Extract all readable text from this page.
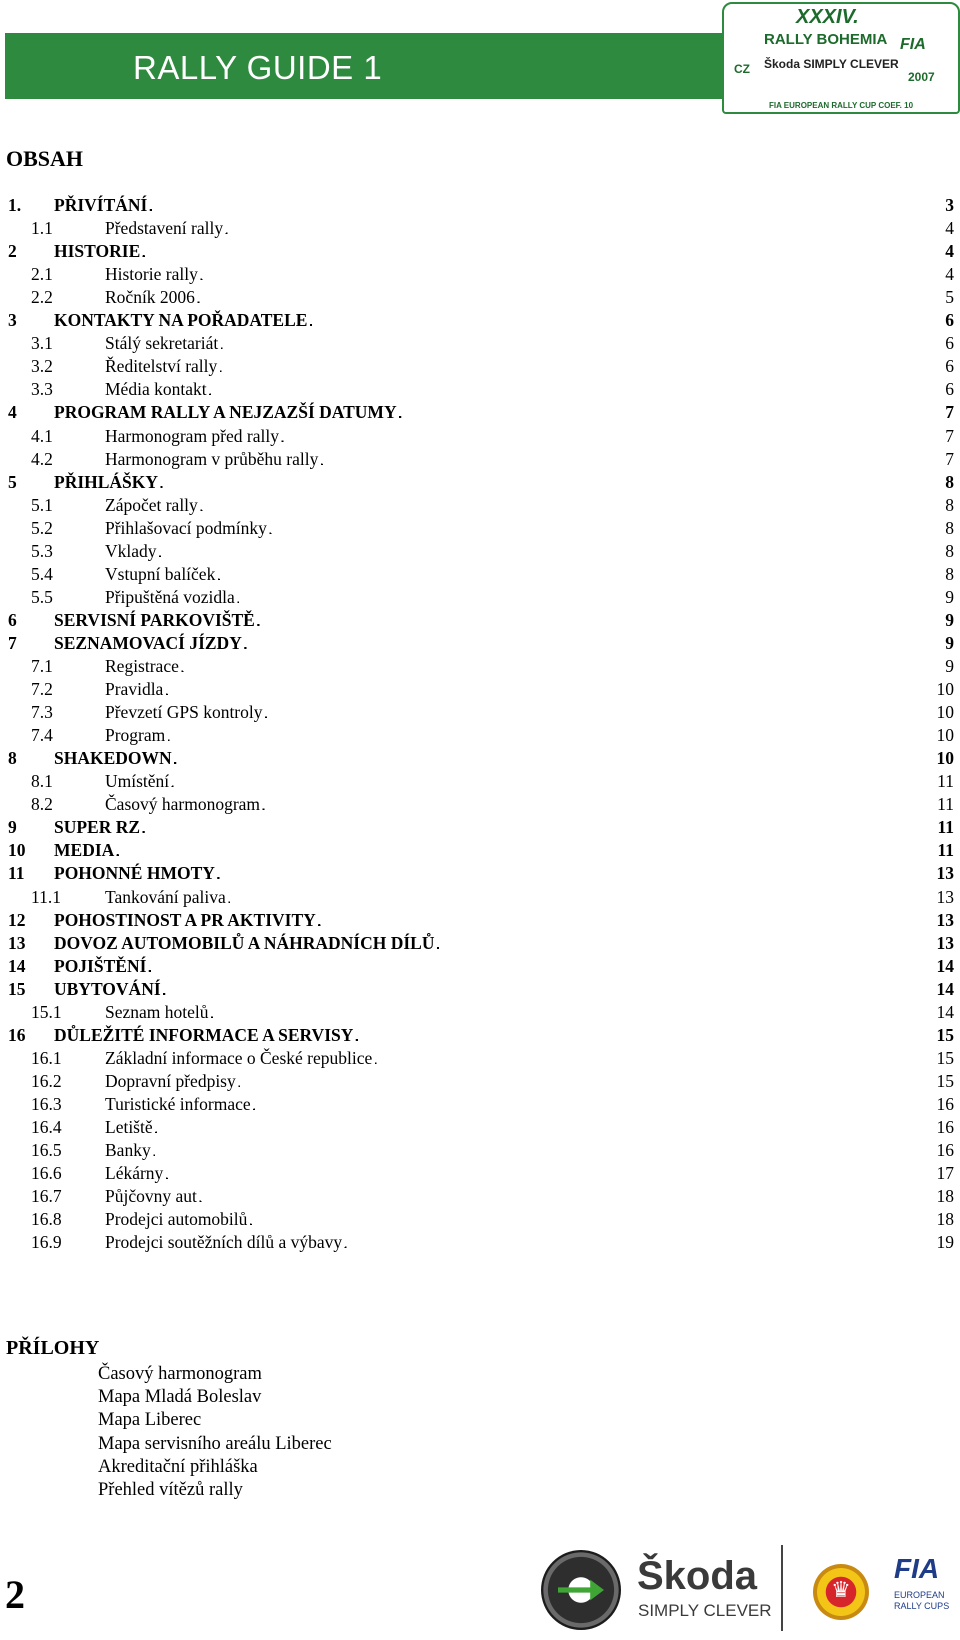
RALLY GUIDE 1
XXXIV.
RALLY BOHEMIA
Škoda SIMPLY CLEVER
FIA
2007
CZ
FIA EUROPEAN RALLY CUP COEF. 10
OBSAH
1. PŘIVÍTÁNÍ . . .	3
1.1	Představení rally . . .	4
2 HISTORIE . . .	4
2.1	Historie rally . . .	4
2.2	Ročník 2006 . . .	5
3 KONTAKTY NA POŘADATELE . . .	6
3.1	Stálý sekretariát . . .	6
3.2	Ředitelství rally . . .	6
3.3	Média kontakt . . .	6
4 PROGRAM RALLY A NEJZAZŠÍ DATUMY . . .	7
4.1	Harmonogram před rally . . .	7
4.2	Harmonogram v průběhu rally . . .	7
5 PŘIHLÁŠKY . . .	8
5.1	Zápočet rally . . .	8
5.2	Přihlašovací podmínky . . .	8
5.3	Vklady . . .	8
5.4	Vstupní balíček . . .	8
5.5	Připuštěná vozidla . . .	9
6 SERVISNÍ PARKOVIŠTĚ . . .	9
7 SEZNAMOVACÍ JÍZDY . . .	9
7.1	Registrace . . .	9
7.2	Pravidla . . .	10
7.3	Převzetí GPS kontroly . . .	10
7.4	Program . . .	10
8 SHAKEDOWN . . .	10
8.1	Umístění . . .	11
8.2	Časový harmonogram . . .	11
9 SUPER RZ . . .	11
10 MEDIA . . .	11
11 POHONNÉ HMOTY . . .	13
11.1	Tankování paliva . . .	13
12 POHOSTINOST A PR AKTIVITY . . .	13
13 DOVOZ AUTOMOBILŮ A NÁHRADNÍCH DÍLŮ . . .	13
14 POJIŠTĚNÍ . . .	14
15 UBYTOVÁNÍ . . .	14
15.1 Seznam hotelů . . .	14
16 DŮLEŽITÉ INFORMACE A SERVISY . . .	15
16.1 Základní informace o České republice . . .	15
16.2 Dopravní předpisy . . .	15
16.3 Turistické informace . . .	16
16.4 Letiště . . .	16
16.5 Banky . . .	16
16.6 Lékárny . . .	17
16.7 Půjčovny aut . . .	18
16.8 Prodejci automobilů . . .	18
16.9 Prodejci soutěžních dílů a výbavy . . .	19
PŘÍLOHY
Časový harmonogram
Mapa Mladá Boleslav
Mapa Liberec
Mapa servisního areálu Liberec
Akreditační přihláška
Přehled vítězů rally
2	Škoda
SIMPLY CLEVER
♛
FIA
EUROPEAN RALLY CUPS
